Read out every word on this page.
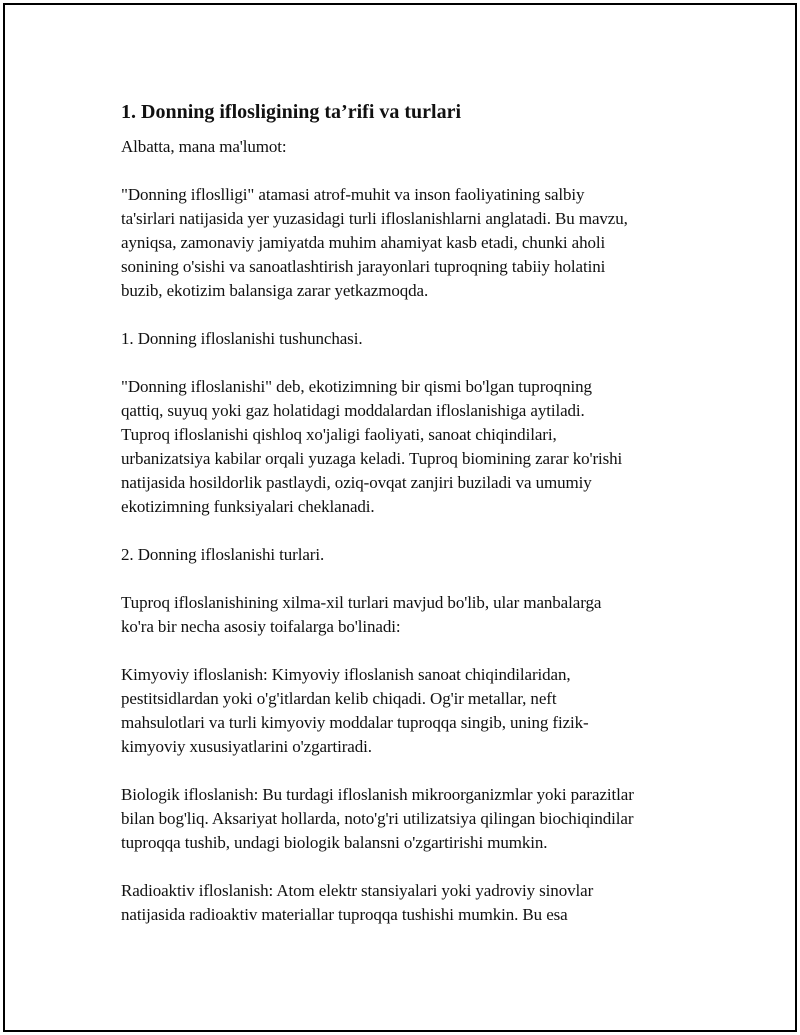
1. Donning iflosligining ta’rifi va turlari

Albatta, mana ma'lumot:

"Donning ifloslligi" atamasi atrof-muhit va inson faoliyatining salbiy
ta'sirlari natijasida yer yuzasidagi turli ifloslanishlarni anglatadi. Bu mavzu,
ayniqsa, zamonaviy jamiyatda muhim ahamiyat kasb etadi, chunki aholi
sonining o'sishi va sanoatlashtirish jarayonlari tuproqning tabiiy holatini
buzib, ekotizim balansiga zarar yetkazmoqda.

1. Donning ifloslanishi tushunchasi.

"Donning ifloslanishi" deb, ekotizimning bir qismi bo'lgan tuproqning
qattiq, suyuq yoki gaz holatidagi moddalardan ifloslanishiga aytiladi.
Tuproq ifloslanishi qishloq xo'jaligi faoliyati, sanoat chiqindilari,
urbanizatsiya kabilar orqali yuzaga keladi. Tuproq biomining zarar ko'rishi
natijasida hosildorlik pastlaydi, oziq-ovqat zanjiri buziladi va umumiy
ekotizimning funksiyalari cheklanadi.

2. Donning ifloslanishi turlari.

Tuproq ifloslanishining xilma-xil turlari mavjud bo'lib, ular manbalarga
ko'ra bir necha asosiy toifalarga bo'linadi:

Kimyoviy ifloslanish: Kimyoviy ifloslanish sanoat chiqindilaridan,
pestitsidlardan yoki o'g'itlardan kelib chiqadi. Og'ir metallar, neft
mahsulotlari va turli kimyoviy moddalar tuproqqa singib, uning fizik-
kimyoviy xususiyatlarini o'zgartiradi.

Biologik ifloslanish: Bu turdagi ifloslanish mikroorganizmlar yoki parazitlar
bilan bog'liq. Aksariyat hollarda, noto'g'ri utilizatsiya qilingan biochiqindilar
tuproqqa tushib, undagi biologik balansni o'zgartirishi mumkin.

Radioaktiv ifloslanish: Atom elektr stansiyalari yoki yadroviy sinovlar
natijasida radioaktiv materiallar tuproqqa tushishi mumkin. Bu esa
